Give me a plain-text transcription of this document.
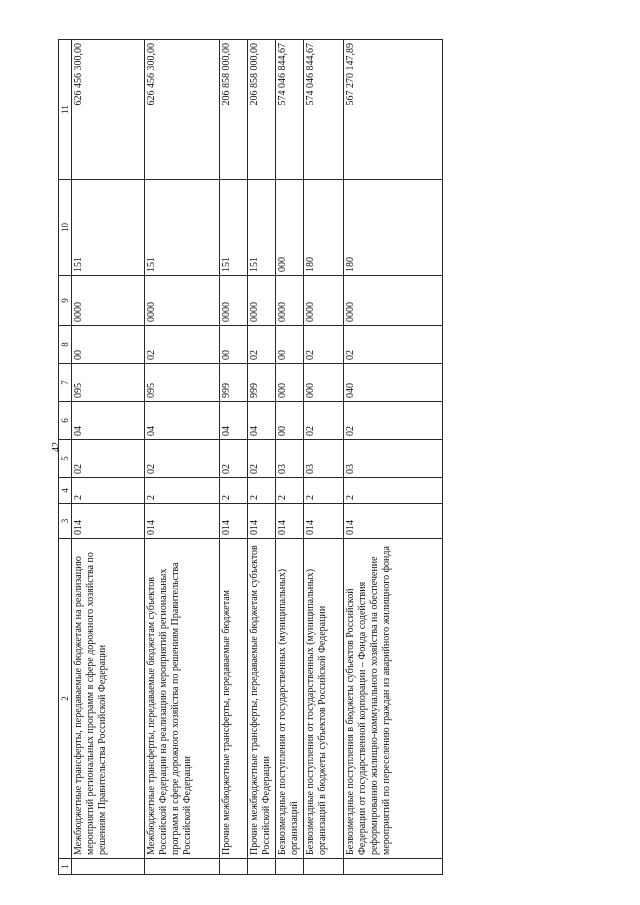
42
1	2	3	4	5	6	7	8	9	10	11
	Межбюджетные трансферты, передаваемые бюджетам на реализацию мероприятий региональных программ в сфере дорожного хозяйства по решениям Правительства Российской Федерации	014	2	02	04	095	00	0000	151	626 456 300,00
	Межбюджетные трансферты, передаваемые бюджетам субъектов Российской Федерации на реализацию мероприятий региональных программ в сфере дорожного хозяйства по решениям Правительства Российской Федерации	014	2	02	04	095	02	0000	151	626 456 300,00
	Прочие межбюджетные трансферты, передаваемые бюджетам	014	2	02	04	999	00	0000	151	206 858 000,00
	Прочие межбюджетные трансферты, передаваемые бюджетам субъектов Российской Федерации	014	2	02	04	999	02	0000	151	206 858 000,00
	Безвозмездные поступления от государственных (муниципальных) организаций	014	2	03	00	000	00	0000	000	574 046 844,67
	Безвозмездные поступления от государственных (муниципальных) организаций в бюджеты субъектов Российской Федерации	014	2	03	02	000	02	0000	180	574 046 844,67
	Безвозмездные поступления в бюджеты субъектов Российской Федерации от государственной корпорации – Фонда содействия реформированию жилищно-коммунального хозяйства на обеспечение мероприятий по переселению граждан из аварийного жилищного фонда	014	2	03	02	040	02	0000	180	567 270 147,89
